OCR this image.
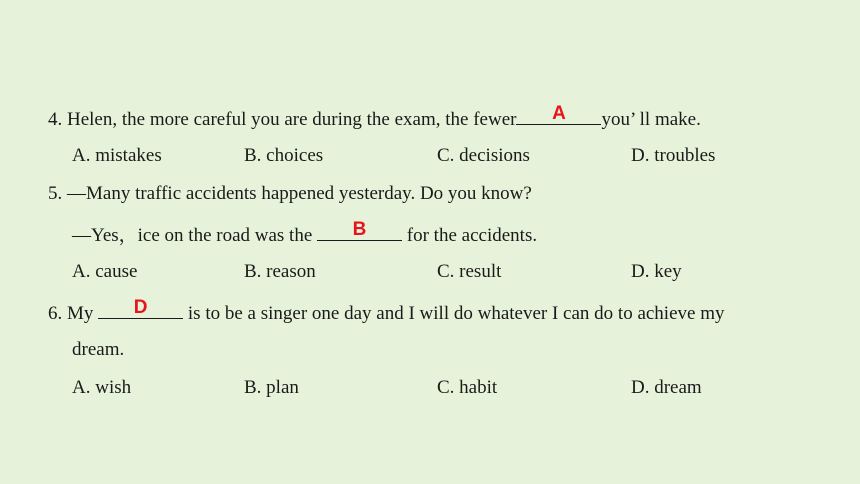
4. Helen, the more careful you are during the exam, the fewer	A	you’ ll make.
A. mistakes	B. choices	C. decisions	D. troubles
5. —Many traffic accidents happened yesterday. Do you know?
—Yes，ice on the road was the	B	for the accidents.
A. cause	B. reason	C. result	D. key
6. My	D	is to be a singer one day and I will do whatever I can do to achieve my
dream.
A. wish	B. plan	C. habit	D. dream
